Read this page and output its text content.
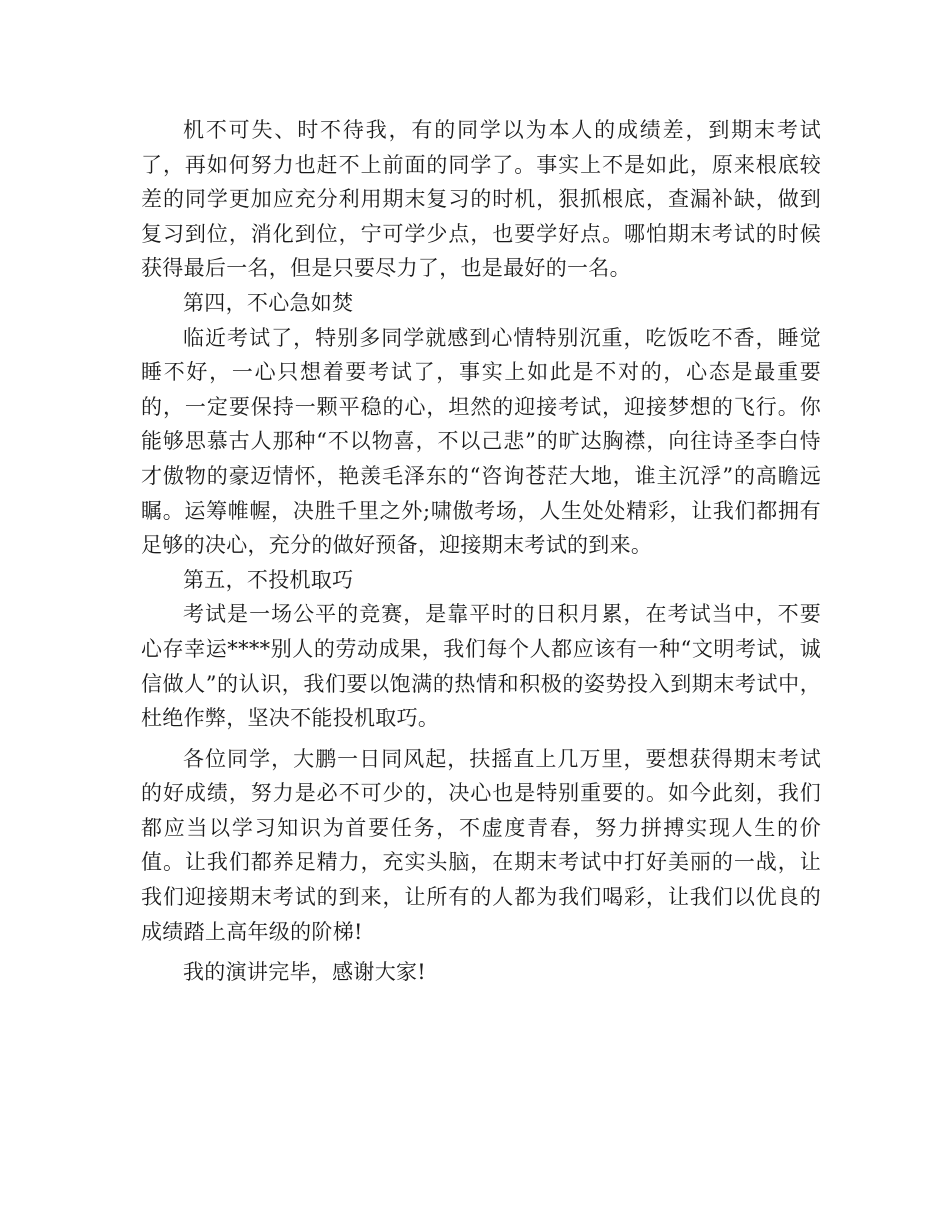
机不可失、时不待我，有的同学以为本人的成绩差，到期末考试了，再如何努力也赶不上前面的同学了。事实上不是如此，原来根底较差的同学更加应充分利用期末复习的时机，狠抓根底，查漏补缺，做到复习到位，消化到位，宁可学少点，也要学好点。哪怕期末考试的时候获得最后一名，但是只要尽力了，也是最好的一名。

第四，不心急如焚

临近考试了，特别多同学就感到心情特别沉重，吃饭吃不香，睡觉睡不好，一心只想着要考试了，事实上如此是不对的，心态是最重要的，一定要保持一颗平稳的心，坦然的迎接考试，迎接梦想的飞行。你能够思慕古人那种“不以物喜，不以己悲”的旷达胸襟，向往诗圣李白恃才傲物的豪迈情怀，艳羡毛泽东的“咨询苍茫大地，谁主沉浮”的高瞻远瞩。运筹帷幄，决胜千里之外;啸傲考场，人生处处精彩，让我们都拥有足够的决心，充分的做好预备，迎接期末考试的到来。

第五，不投机取巧

考试是一场公平的竞赛，是靠平时的日积月累，在考试当中，不要心存幸运****别人的劳动成果，我们每个人都应该有一种“文明考试，诚信做人”的认识，我们要以饱满的热情和积极的姿势投入到期末考试中，杜绝作弊，坚决不能投机取巧。

各位同学，大鹏一日同风起，扶摇直上几万里，要想获得期末考试的好成绩，努力是必不可少的，决心也是特别重要的。如今此刻，我们都应当以学习知识为首要任务，不虚度青春，努力拼搏实现人生的价值。让我们都养足精力，充实头脑，在期末考试中打好美丽的一战，让我们迎接期末考试的到来，让所有的人都为我们喝彩，让我们以优良的成绩踏上高年级的阶梯!

我的演讲完毕，感谢大家!
